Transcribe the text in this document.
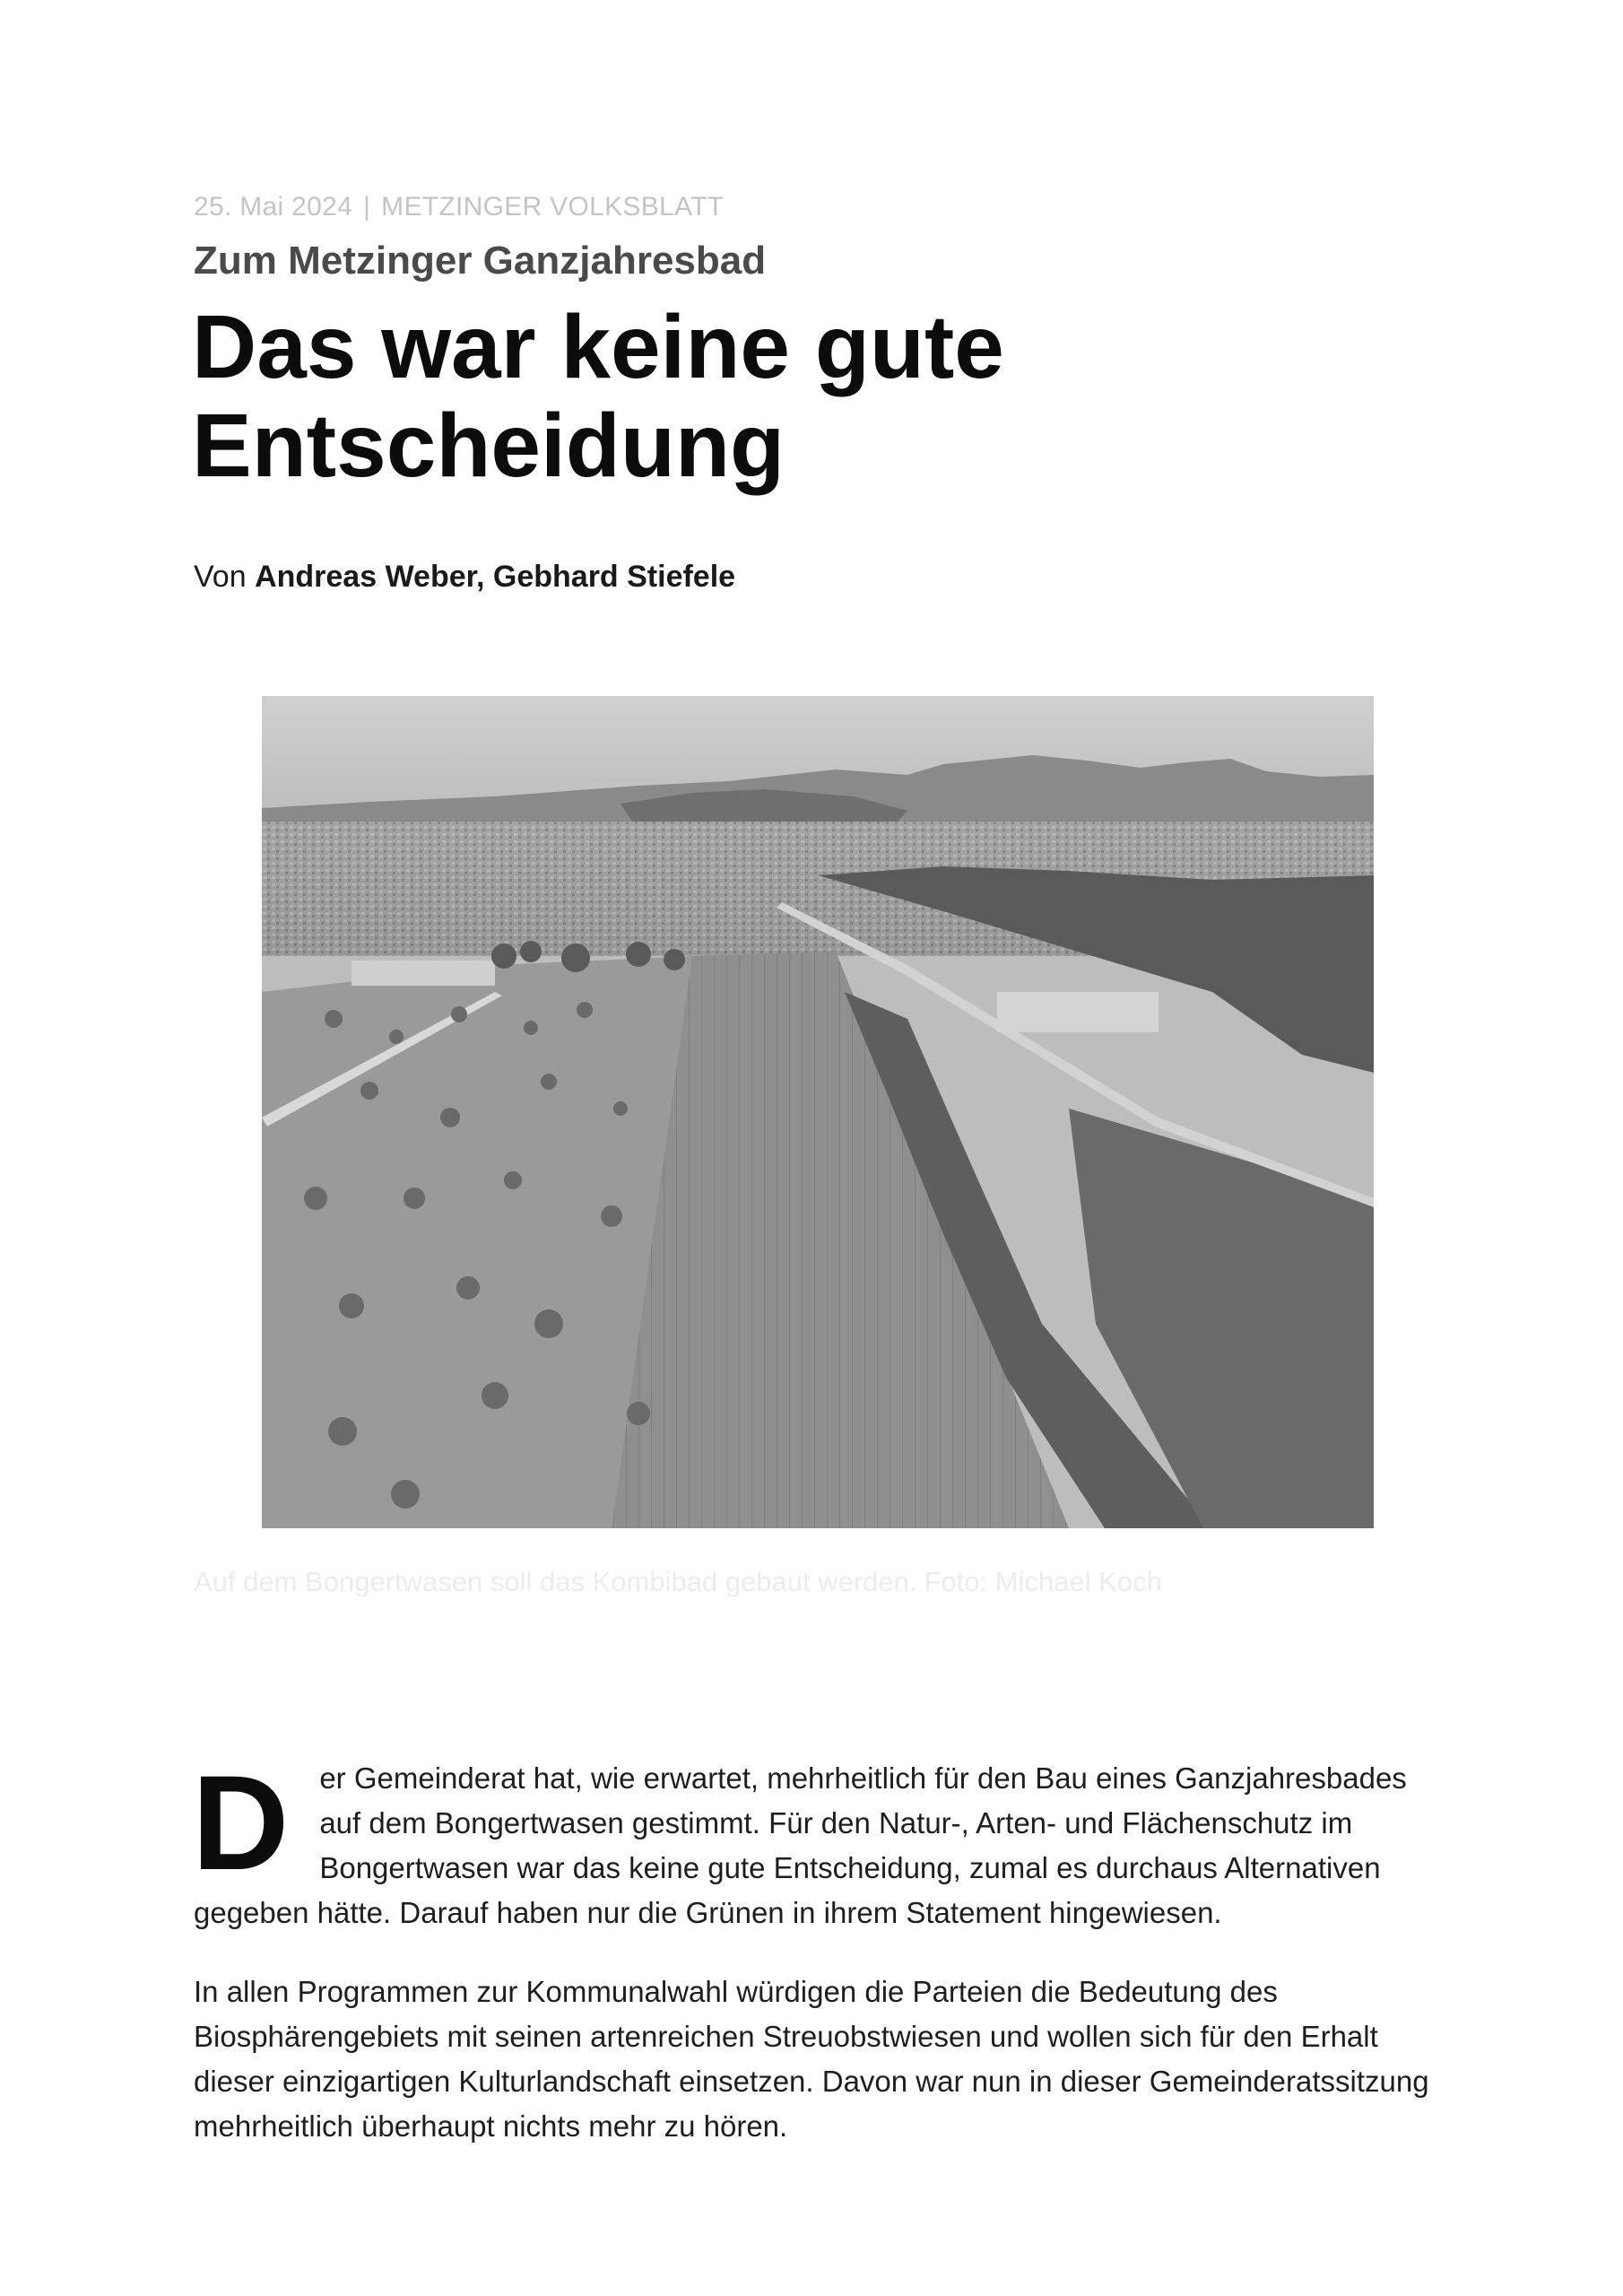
25. Mai 2024 | METZINGER VOLKSBLATT
Zum Metzinger Ganzjahresbad
Das war keine gute Entscheidung
Von Andreas Weber, Gebhard Stiefele
Auf dem Bongertwasen soll das Kombibad gebaut werden. Foto: Michael Koch

D er Gemeinderat hat, wie erwartet, mehrheitlich für den Bau eines Ganzjahresbades auf dem Bongertwasen gestimmt. Für den Natur-, Arten- und Flächenschutz im Bongertwasen war das keine gute Entscheidung, zumal es durchaus Alternativen gegeben hätte. Darauf haben nur die Grünen in ihrem Statement hingewiesen.

In allen Programmen zur Kommunalwahl würdigen die Parteien die Bedeutung des Biosphärengebiets mit seinen artenreichen Streuobstwiesen und wollen sich für den Erhalt dieser einzigartigen Kulturlandschaft einsetzen. Davon war nun in dieser Gemeinderatssitzung mehrheitlich überhaupt nichts mehr zu hören.
